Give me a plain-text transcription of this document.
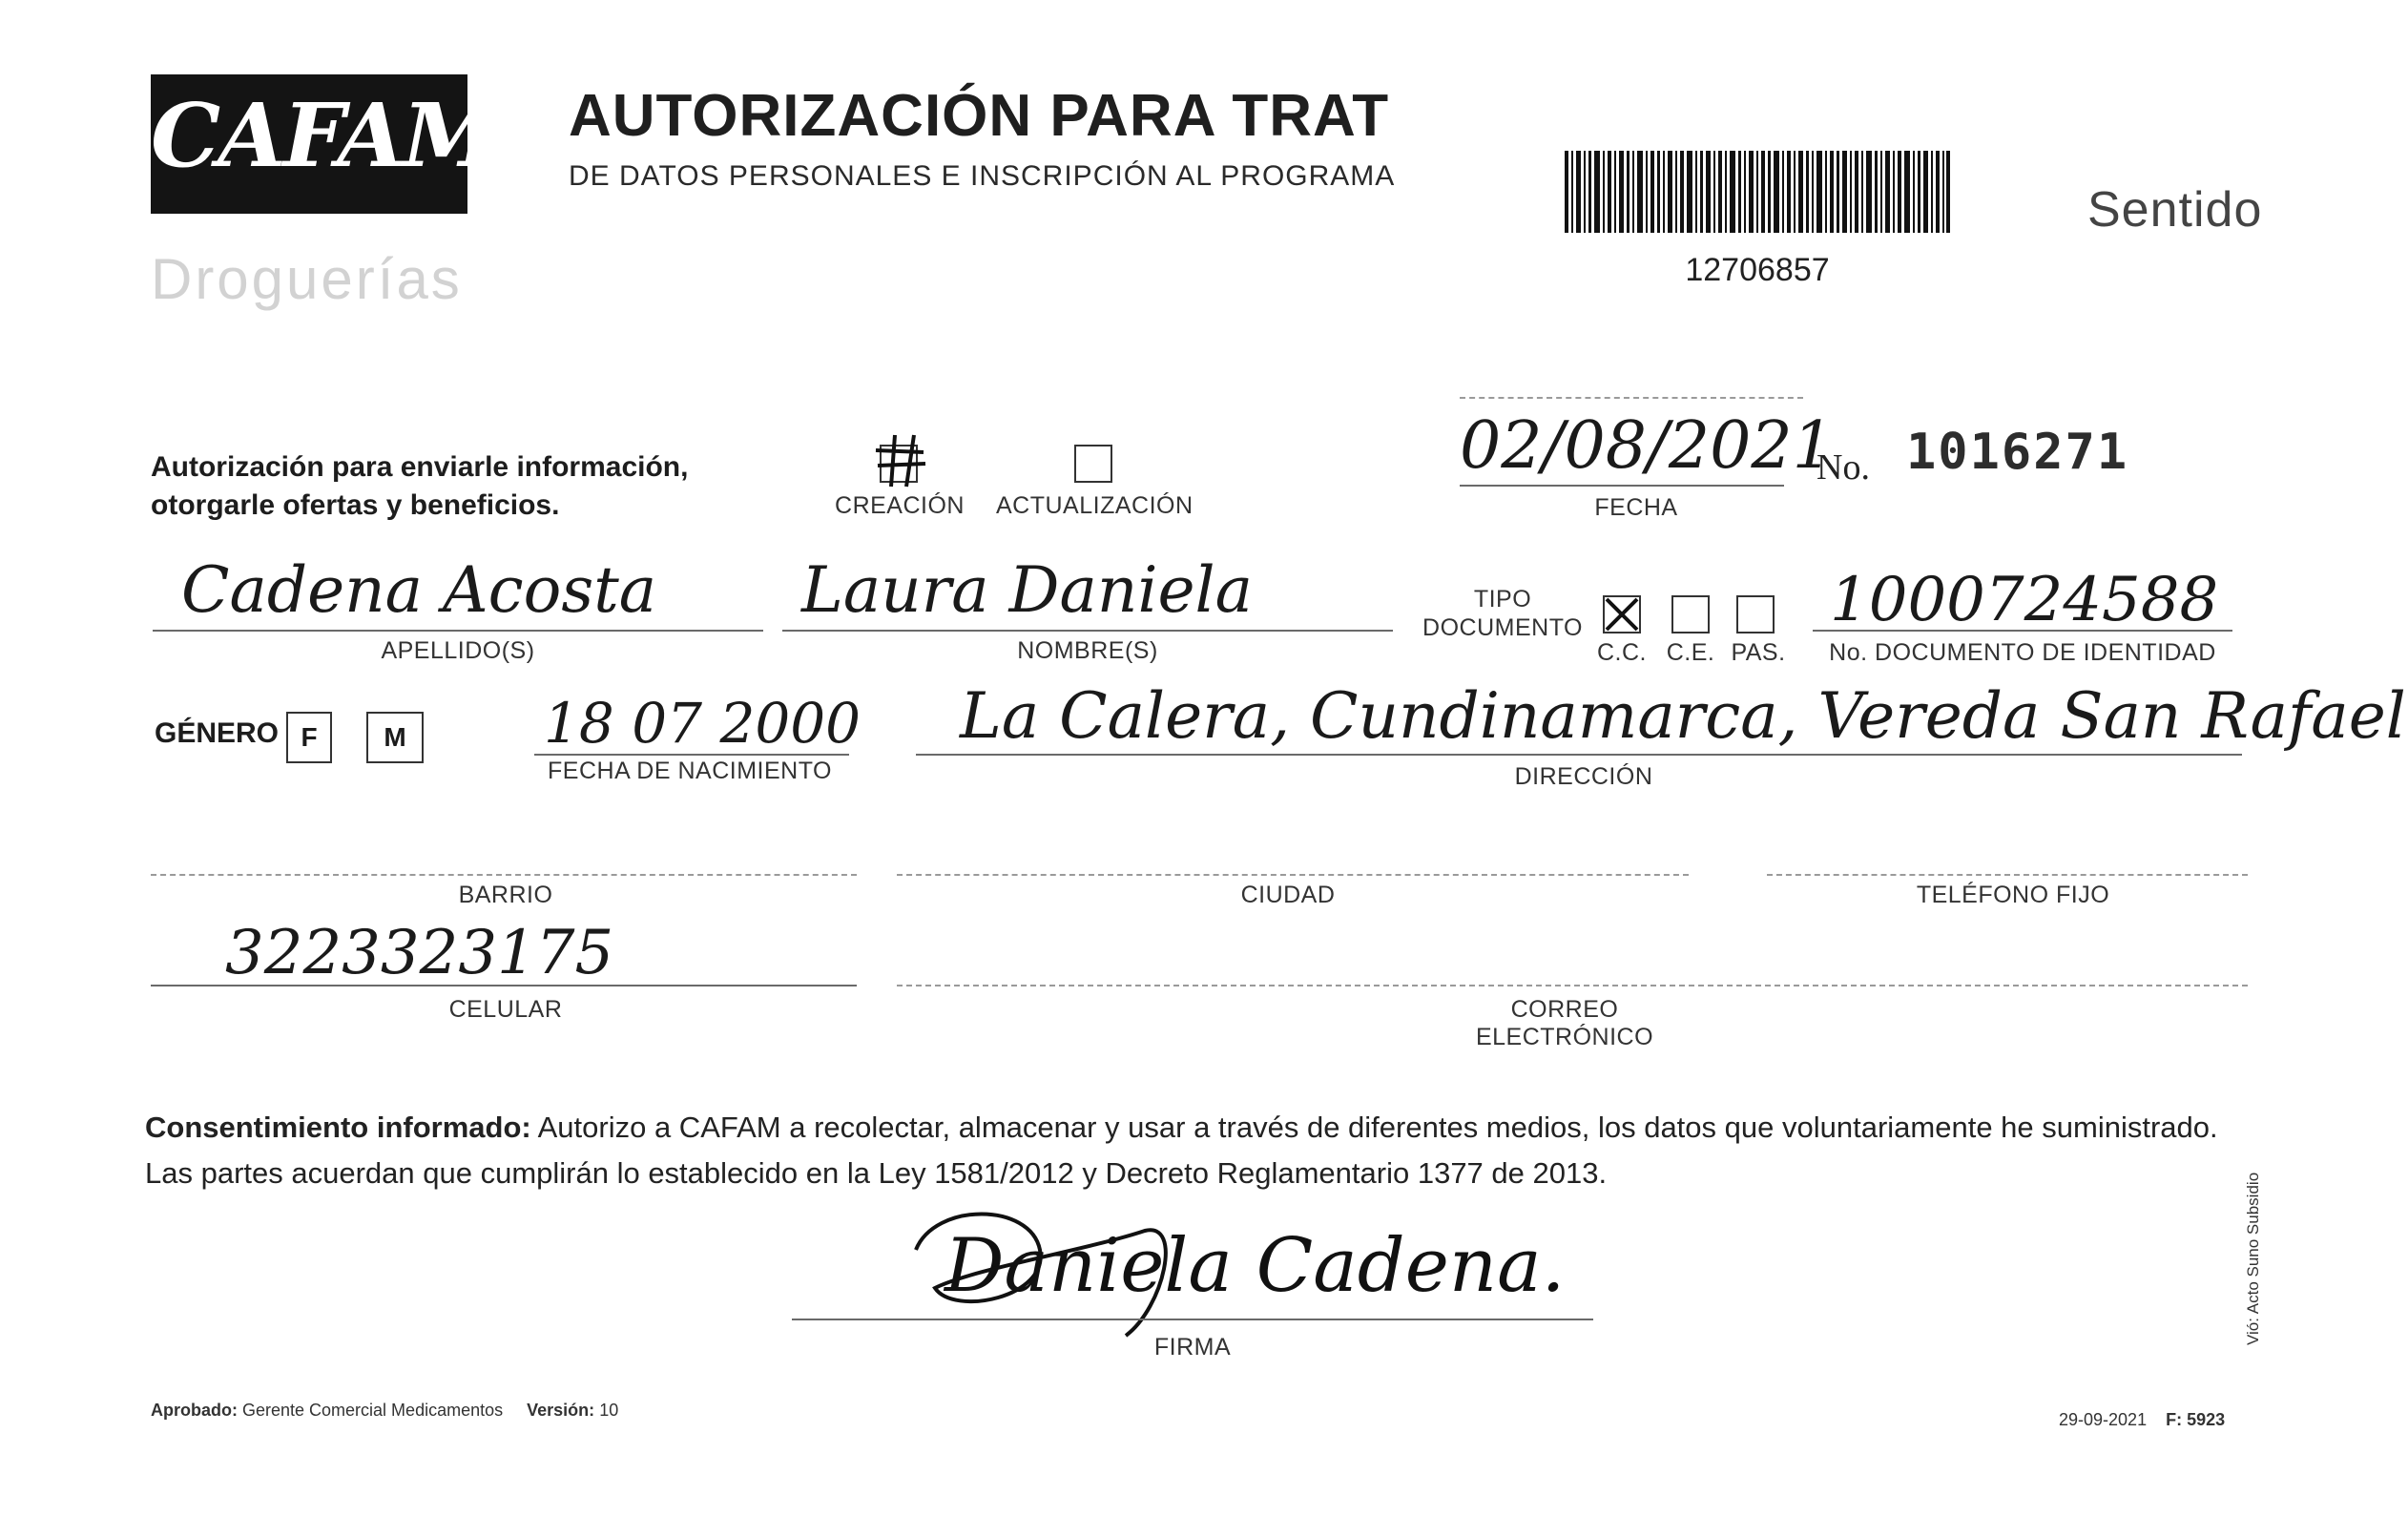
CAFAM
Droguerías
AUTORIZACIÓN PARA TRAT
DE DATOS PERSONALES E INSCRIPCIÓN AL PROGRAMA
12706857
Sentido
Autorización para enviarle información,
otorgarle ofertas y beneficios.	CREACIÓN ACTUALIZACIÓN
02/08/2021
FECHA
No. 1016271
Cadena Acosta
APELLIDO(S)
Laura Daniela
NOMBRE(S)
TIPO
DOCUMENTO
C.C. C.E. PAS.
1000724588
No. DOCUMENTO DE IDENTIDAD
GÉNERO F	M	18 07 2000
FECHA DE NACIMIENTO
La Calera, Cundinamarca, Vereda San Rafael
DIRECCIÓN
BARRIO	CIUDAD	TELÉFONO FIJO
3223323175
CELULAR	CORREO ELECTRÓNICO
Consentimiento informado: Autorizo a CAFAM a recolectar, almacenar y usar a través de diferentes medios, los datos que voluntariamente he suministrado.
Las partes acuerdan que cumplirán lo establecido en la Ley 1581/2012 y Decreto Reglamentario 1377 de 2013.
Daniela Cadena.
FIRMA
Aprobado: Gerente Comercial Medicamentos Versión: 10	29-09-2021 F: 5923
Vió: Acto Suno Subsidio
